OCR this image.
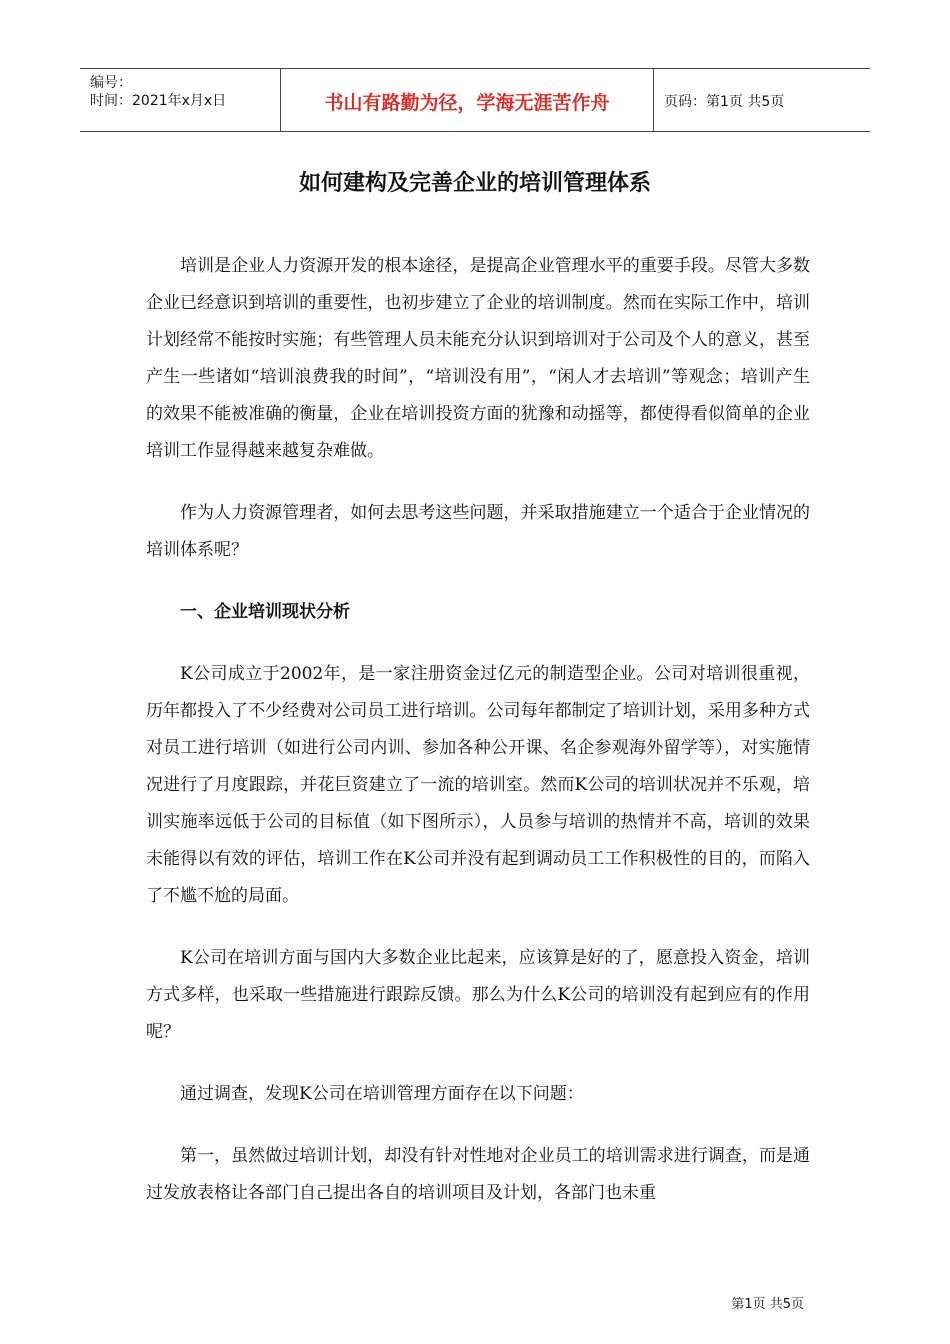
编号：
时间：2021年x月x日	书山有路勤为径，学海无涯苦作舟	页码：第1页 共5页
如何建构及完善企业的培训管理体系

培训是企业人力资源开发的根本途径，是提高企业管理水平的重要手段。尽管大多数企业已经意识到培训的重要性，也初步建立了企业的培训制度。然而在实际工作中，培训计划经常不能按时实施；有些管理人员未能充分认识到培训对于公司及个人的意义，甚至产生一些诸如“培训浪费我的时间”，“培训没有用”，“闲人才去培训”等观念；培训产生的效果不能被准确的衡量，企业在培训投资方面的犹豫和动摇等，都使得看似简单的企业培训工作显得越来越复杂难做。

作为人力资源管理者，如何去思考这些问题，并采取措施建立一个适合于企业情况的培训体系呢？

一、企业培训现状分析

K公司成立于2002年，是一家注册资金过亿元的制造型企业。公司对培训很重视，历年都投入了不少经费对公司员工进行培训。公司每年都制定了培训计划，采用多种方式对员工进行培训（如进行公司内训、参加各种公开课、名企参观海外留学等），对实施情况进行了月度跟踪，并花巨资建立了一流的培训室。然而K公司的培训状况并不乐观，培训实施率远低于公司的目标值（如下图所示），人员参与培训的热情并不高，培训的效果未能得以有效的评估，培训工作在K公司并没有起到调动员工工作积极性的目的，而陷入了不尴不尬的局面。

K公司在培训方面与国内大多数企业比起来，应该算是好的了，愿意投入资金，培训方式多样，也采取一些措施进行跟踪反馈。那么为什么K公司的培训没有起到应有的作用呢？

通过调查，发现K公司在培训管理方面存在以下问题：

第一，虽然做过培训计划，却没有针对性地对企业员工的培训需求进行调查，而是通过发放表格让各部门自己提出各自的培训项目及计划，各部门也未重

第1页 共5页
